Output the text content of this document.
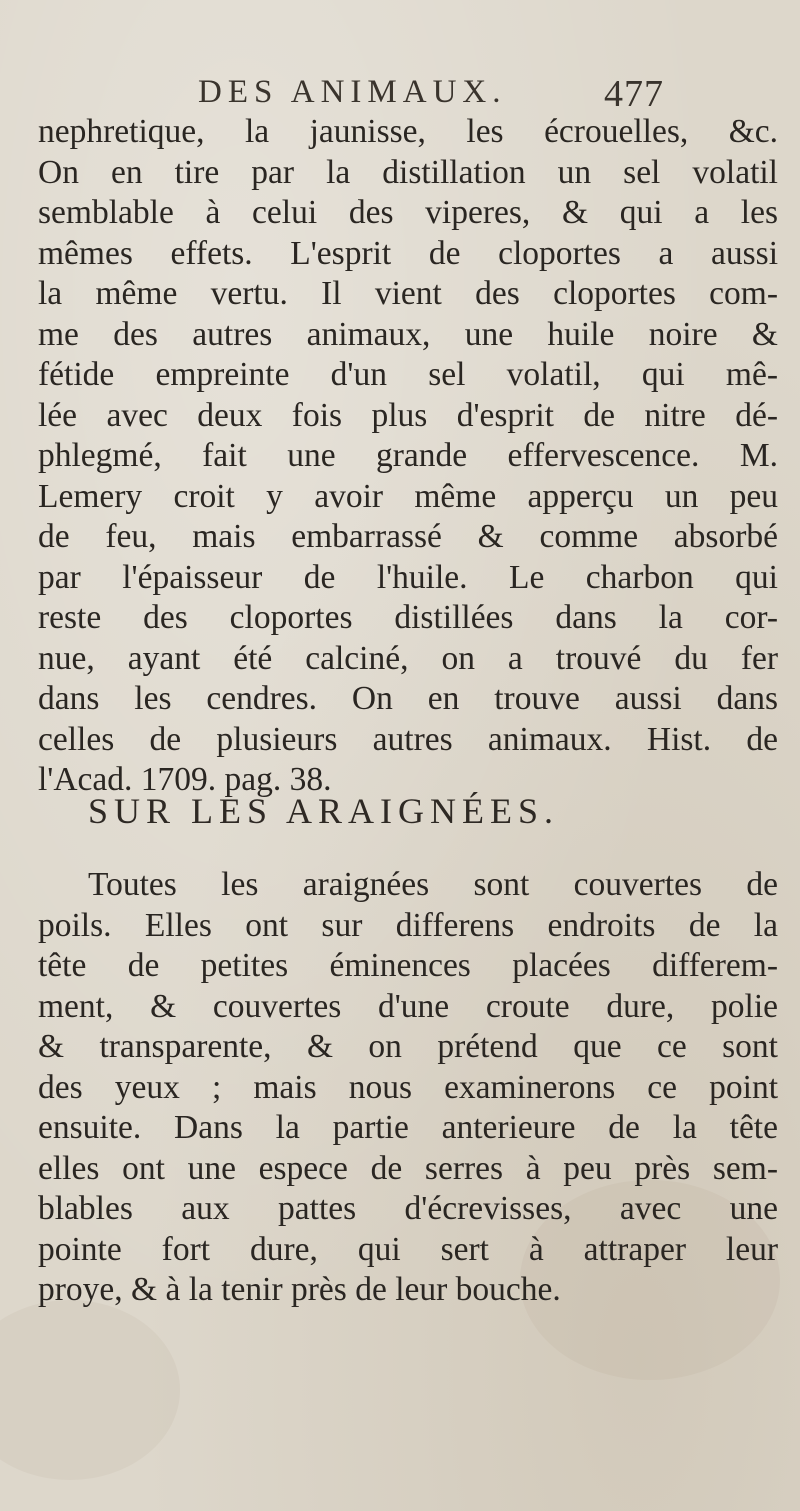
DES ANIMAUX.	477
nephretique, la jaunisse, les écrouelles, &c.
On en tire par la distillation un sel volatil
semblable à celui des viperes, & qui a les
mêmes effets. L'esprit de cloportes a aussi
la même vertu. Il vient des cloportes com-
me des autres animaux, une huile noire &
fétide empreinte d'un sel volatil, qui mê-
lée avec deux fois plus d'esprit de nitre dé-
phlegmé, fait une grande effervescence. M.
Lemery croit y avoir même apperçu un peu
de feu, mais embarrassé & comme absorbé
par l'épaisseur de l'huile. Le charbon qui
reste des cloportes distillées dans la cor-
nue, ayant été calciné, on a trouvé du fer
dans les cendres. On en trouve aussi dans
celles de plusieurs autres animaux. Hist. de
l'Acad. 1709. pag. 38.
SUR LES ARAIGNÉES.
Toutes les araignées sont couvertes de
poils. Elles ont sur differens endroits de la
tête de petites éminences placées differem-
ment, & couvertes d'une croute dure, polie
& transparente, & on prétend que ce sont
des yeux ; mais nous examinerons ce point
ensuite. Dans la partie anterieure de la tête
elles ont une espece de serres à peu près sem-
blables aux pattes d'écrevisses, avec une
pointe fort dure, qui sert à attraper leur
proye, & à la tenir près de leur bouche.
